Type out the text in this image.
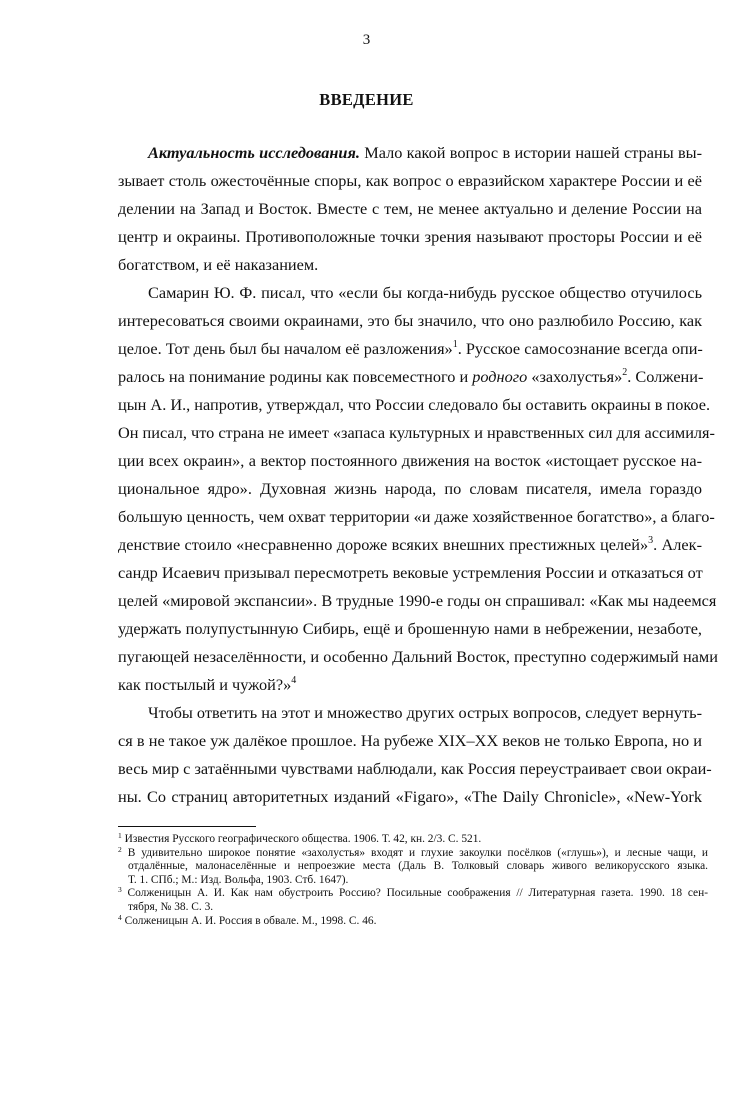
3
ВВЕДЕНИЕ
Актуальность исследования. Мало какой вопрос в истории нашей страны вы-
зывает столь ожесточённые споры, как вопрос о евразийском характере России и её
делении на Запад и Восток. Вместе с тем, не менее актуально и деление России на
центр и окраины. Противоположные точки зрения называют просторы России и её
богатством, и её наказанием.
Самарин Ю. Ф. писал, что «если бы когда-нибудь русское общество отучилось
интересоваться своими окраинами, это бы значило, что оно разлюбило Россию, как
целое. Тот день был бы началом её разложения»$^1$. Русское самосознание всегда опи-
ралось на понимание родины как повсеместного и родного «захолустья»$^2$. Солжени-
цын А. И., напротив, утверждал, что России следовало бы оставить окраины в покое.
Он писал, что страна не имеет «запаса культурных и нравственных сил для ассимиля-
ции всех окраин», а вектор постоянного движения на восток «истощает русское на-
циональное ядро». Духовная жизнь народа, по словам писателя, имела гораздо
большую ценность, чем охват территории «и даже хозяйственное богатство», а благо-
денствие стоило «несравненно дороже всяких внешних престижных целей»$^3$. Алек-
сандр Исаевич призывал пересмотреть вековые устремления России и отказаться от
целей «мировой экспансии». В трудные 1990-е годы он спрашивал: «Как мы надеемся
удержать полупустынную Сибирь, ещё и брошенную нами в небрежении, незаботе,
пугающей незаселённости, и особенно Дальний Восток, преступно содержимый нами
как постылый и чужой?»$^4$
Чтобы ответить на этот и множество других острых вопросов, следует вернуть-
ся в не такое уж далёкое прошлое. На рубеже XIX–XX веков не только Европа, но и
весь мир с затаёнными чувствами наблюдали, как Россия переустраивает свои окраи-
ны. Со страниц авторитетных изданий «Figaro», «The Daily Chronicle», «New-York
$^1$ Известия Русского географического общества. 1906. Т. 42, кн. 2/3. С. 521.
$^2$ В удивительно широкое понятие «захолустья» входят и глухие закоулки посёлков («глушь»), и лесные чащи, и
отдалённые, малонаселённые и непроезжие места (Даль В. Толковый словарь живого великорусского языка.
Т. 1. СПб.; М.: Изд. Вольфа, 1903. Стб. 1647).
$^3$ Солженицын А. И. Как нам обустроить Россию? Посильные соображения // Литературная газета. 1990. 18 сен-
тября, № 38. С. 3.
$^4$ Солженицын А. И. Россия в обвале. М., 1998. С. 46.
